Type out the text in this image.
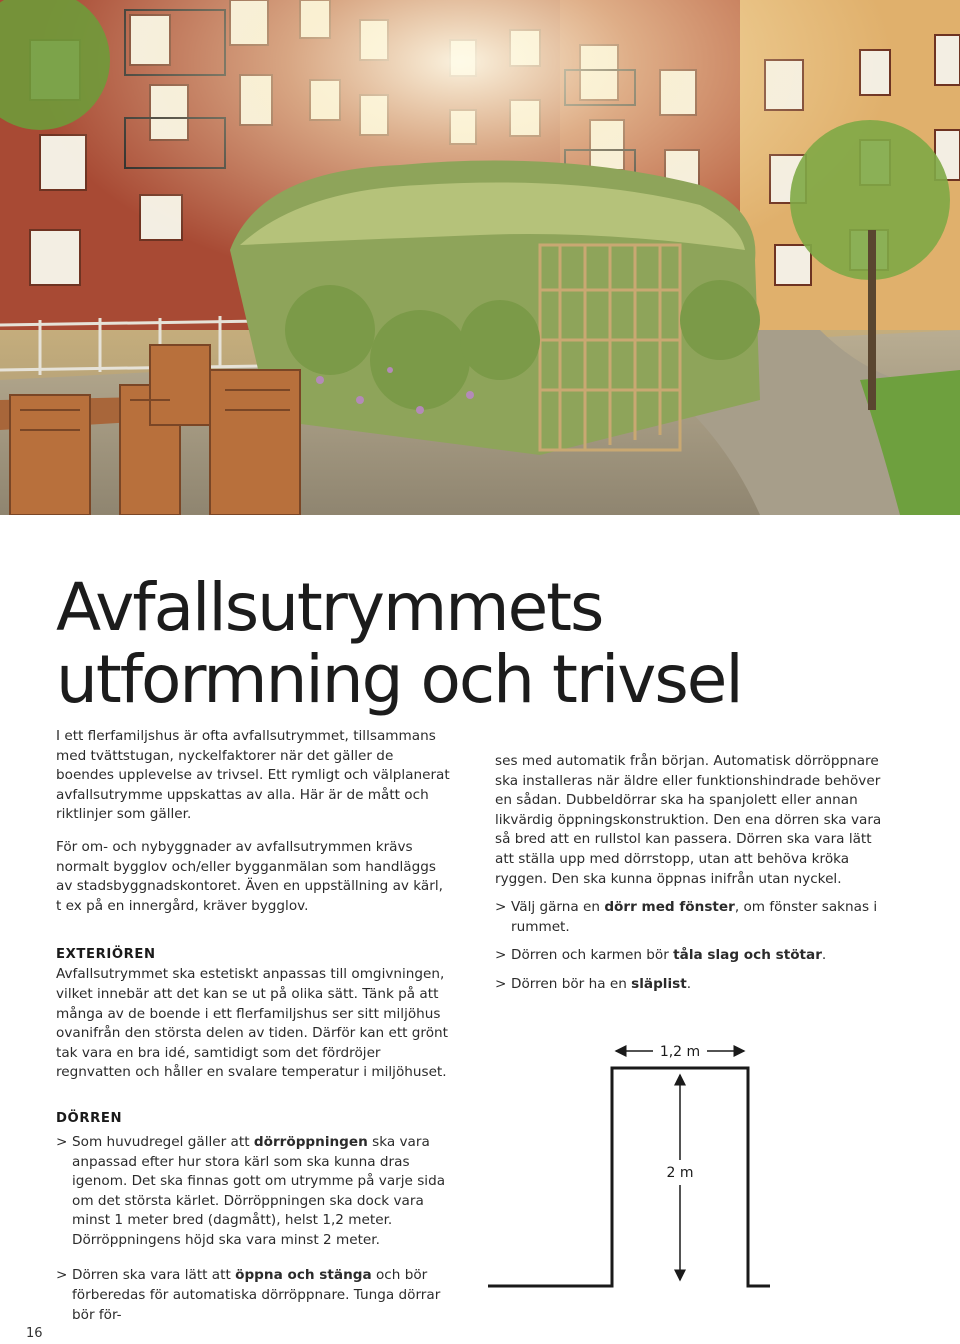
Avfallsutrymmets
utformning och trivsel

I ett flerfamiljshus är ofta avfallsutrymmet, tillsammans med tvättstugan, nyckelfaktorer när det gäller de boendes upplevelse av trivsel. Ett rymligt och välplanerat avfallsutrymme uppskattas av alla. Här är de mått och riktlinjer som gäller.

För om- och nybyggnader av avfallsutrymmen krävs normalt bygglov och/eller bygganmälan som handläggs av stadsbyggnadskontoret. Även en uppställning av kärl, t ex på en innergård, kräver bygglov.

EXTERIÖREN

Avfallsutrymmet ska estetiskt anpassas till omgivningen, vilket innebär att det kan se ut på olika sätt. Tänk på att många av de boende i ett flerfamiljshus ser sitt miljöhus ovanifrån den största delen av tiden. Därför kan ett grönt tak vara en bra idé, samtidigt som det fördröjer regnvatten och håller en svalare temperatur i miljöhuset.

DÖRREN

> Som huvudregel gäller att dörröppningen ska vara anpassad efter hur stora kärl som ska kunna dras igenom. Det ska finnas gott om utrymme på varje sida om det största kärlet. Dörröppningen ska dock vara minst 1 meter bred (dagmått), helst 1,2 meter. Dörröppningens höjd ska vara minst 2 meter.

> Dörren ska vara lätt att öppna och stänga och bör förberedas för automatiska dörröppnare. Tunga dörrar bör för-

ses med automatik från början. Automatisk dörröppnare ska installeras när äldre eller funktionshindrade behöver en sådan. Dubbeldörrar ska ha spanjolett eller annan likvärdig öppningskonstruktion. Den ena dörren ska vara så bred att en rullstol kan passera. Dörren ska vara lätt att ställa upp med dörrstopp, utan att behöva kröka ryggen. Den ska kunna öppnas inifrån utan nyckel.

> Välj gärna en dörr med fönster, om fönster saknas i rummet.

> Dörren och karmen bör tåla slag och stötar.

> Dörren bör ha en släplist.

1,2 m
2 m
16
